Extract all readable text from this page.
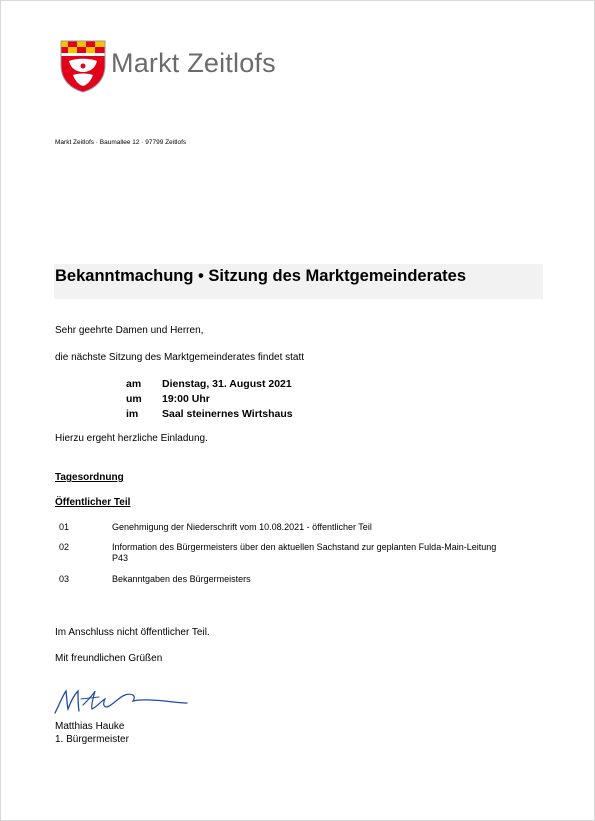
Markt Zeitlofs
Markt Zeitlofs · Baumallee 12 · 97799 Zeitlofs
Bekanntmachung • Sitzung des Marktgemeinderates
Sehr geehrte Damen und Herren,
die nächste Sitzung des Marktgemeinderates findet statt
am Dienstag, 31. August 2021
um 19:00 Uhr
im Saal steinernes Wirtshaus
Hierzu ergeht herzliche Einladung.
Tagesordnung
Öffentlicher Teil
01	Genehmigung der Niederschrift vom 10.08.2021 - öffentlicher Teil
02	Information des Bürgermeisters über den aktuellen Sachstand zur geplanten Fulda-Main-Leitung P43
03	Bekanntgaben des Bürgermeisters
Im Anschluss nicht öffentlicher Teil.
Mit freundlichen Grüßen
Matthias Hauke
1. Bürgermeister
